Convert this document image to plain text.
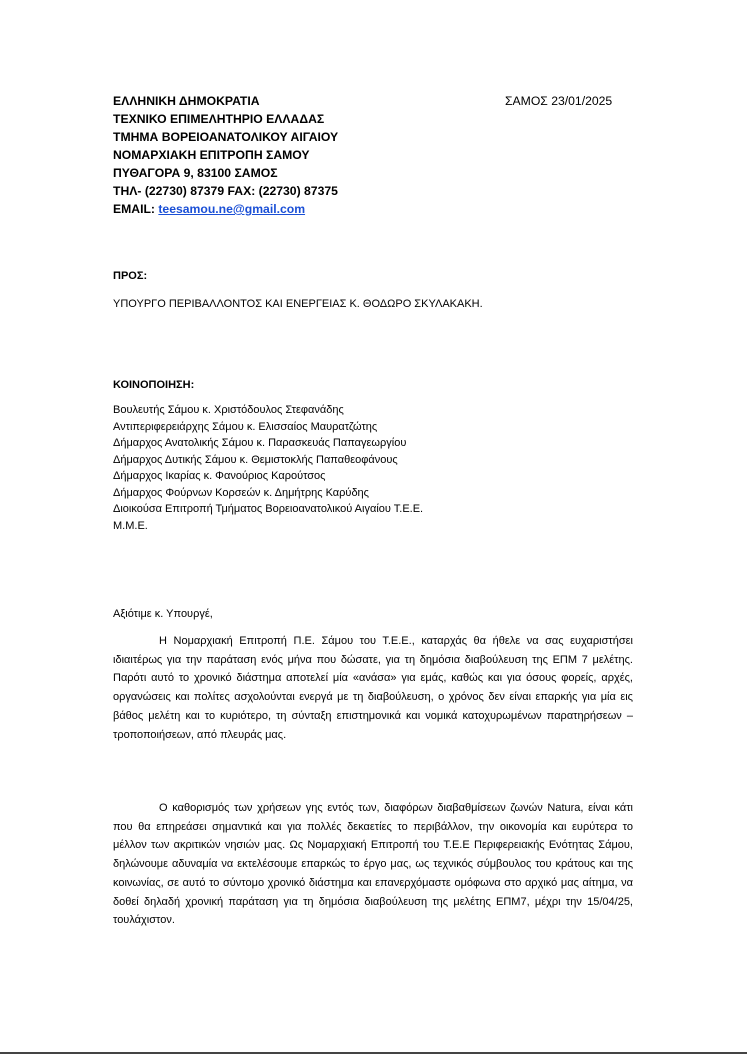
ΕΛΛΗΝΙΚΗ ΔΗΜΟΚΡΑΤΙΑ
ΤΕΧΝΙΚΟ ΕΠΙΜΕΛΗΤΗΡΙΟ ΕΛΛΑΔΑΣ
ΤΜΗΜΑ ΒΟΡΕΙΟΑΝΑΤΟΛΙΚΟΥ ΑΙΓΑΙΟΥ
ΝΟΜΑΡΧΙΑΚΗ ΕΠΙΤΡΟΠΗ ΣΑΜΟΥ
ΠΥΘΑΓΟΡΑ 9, 83100 ΣΑΜΟΣ
ΤΗΛ- (22730) 87379 FAX: (22730) 87375
EMAIL: teesamou.ne@gmail.com
ΣΑΜΟΣ 23/01/2025
ΠΡΟΣ:
ΥΠΟΥΡΓΟ ΠΕΡΙΒΑΛΛΟΝΤΟΣ ΚΑΙ ΕΝΕΡΓΕΙΑΣ Κ. ΘΟΔΩΡΟ ΣΚΥΛΑΚΑΚΗ.
ΚΟΙΝΟΠΟΙΗΣΗ:
Βουλευτής Σάμου κ. Χριστόδουλος Στεφανάδης
Αντιπεριφερειάρχης Σάμου κ. Ελισσαίος Μαυρατζώτης
Δήμαρχος Ανατολικής Σάμου κ. Παρασκευάς Παπαγεωργίου
Δήμαρχος Δυτικής Σάμου κ. Θεμιστοκλής Παπαθεοφάνους
Δήμαρχος Ικαρίας κ. Φανούριος Καρούτσος
Δήμαρχος Φούρνων Κορσεών κ. Δημήτρης Καρύδης
Διοικούσα Επιτροπή Τμήματος Βορειοανατολικού Αιγαίου Τ.Ε.Ε.
Μ.Μ.Ε.
Αξιότιμε κ. Υπουργέ,

Η Νομαρχιακή Επιτροπή Π.Ε. Σάμου του Τ.Ε.Ε., καταρχάς θα ήθελε να σας ευχαριστήσει ιδιαιτέρως για την παράταση ενός μήνα που δώσατε, για τη δημόσια διαβούλευση της ΕΠΜ 7 μελέτης. Παρότι αυτό το χρονικό διάστημα αποτελεί μία «ανάσα» για εμάς, καθώς και για όσους φορείς, αρχές, οργανώσεις και πολίτες ασχολούνται ενεργά με τη διαβούλευση, ο χρόνος δεν είναι επαρκής για μία εις βάθος μελέτη και το κυριότερο, τη σύνταξη επιστημονικά και νομικά κατοχυρωμένων παρατηρήσεων – τροποποιήσεων, από πλευράς μας.

Ο καθορισμός των χρήσεων γης εντός των, διαφόρων διαβαθμίσεων ζωνών Natura, είναι κάτι που θα επηρεάσει σημαντικά και για πολλές δεκαετίες το περιβάλλον, την οικονομία και ευρύτερα το μέλλον των ακριτικών νησιών μας. Ως Νομαρχιακή Επιτροπή του Τ.Ε.Ε Περιφερειακής Ενότητας Σάμου, δηλώνουμε αδυναμία να εκτελέσουμε επαρκώς το έργο μας, ως τεχνικός σύμβουλος του κράτους και της κοινωνίας, σε αυτό το σύντομο χρονικό διάστημα και επανερχόμαστε ομόφωνα στο αρχικό μας αίτημα, να δοθεί δηλαδή χρονική παράταση για τη δημόσια διαβούλευση της μελέτης ΕΠΜ7, μέχρι την 15/04/25, τουλάχιστον.
